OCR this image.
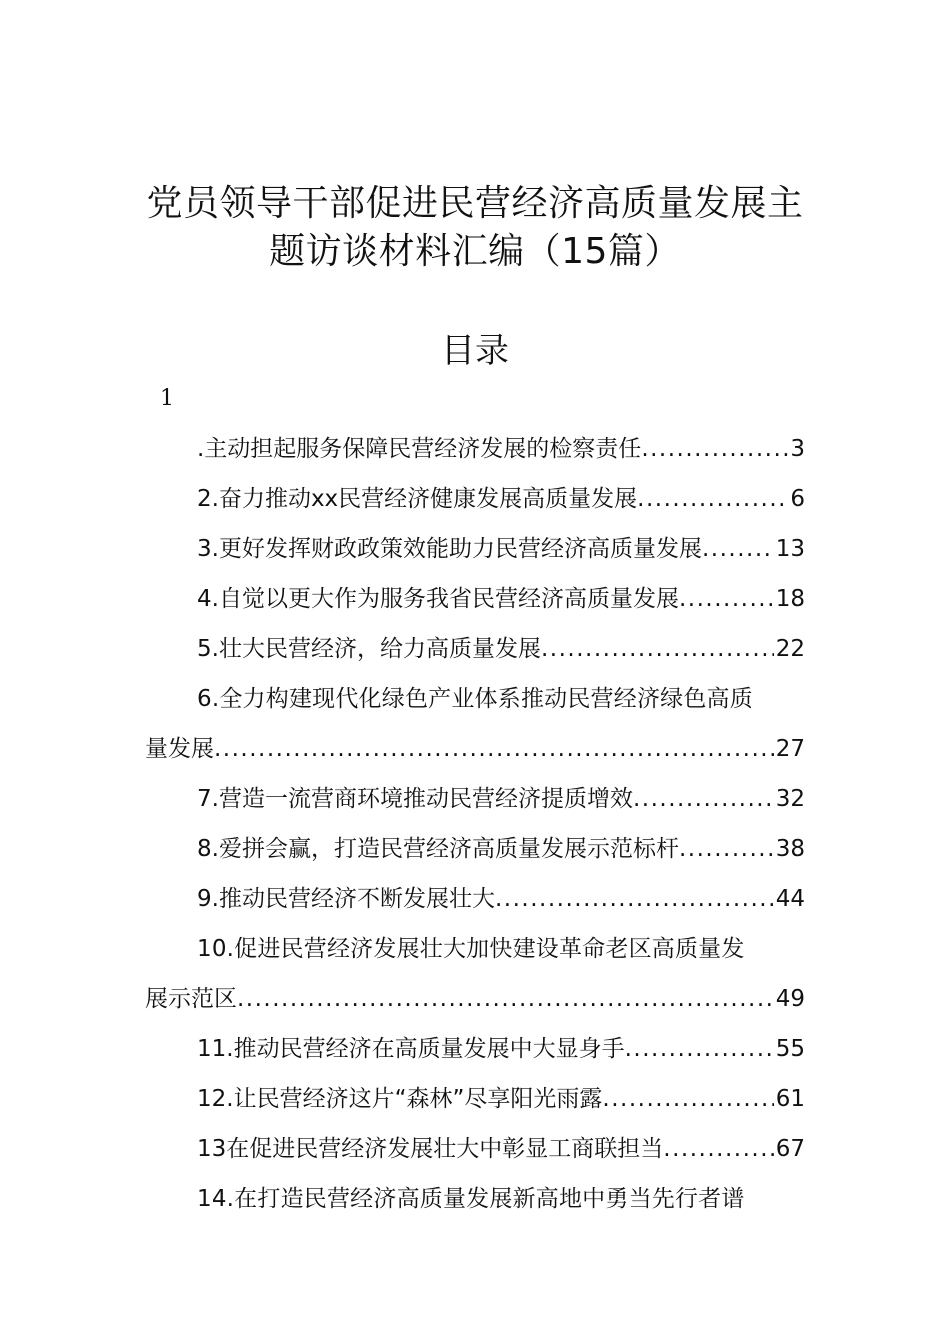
党员领导干部促进民营经济高质量发展主
题访谈材料汇编（15篇）
目录
1
.主动担起服务保障民营经济发展的检察责任 .....	3
2.奋力推动xx民营经济健康发展高质量发展 .....	6
3.更好发挥财政政策效能助力民营经济高质量发展 .....	13
4.自觉以更大作为服务我省民营经济高质量发展 .....	18
5.壮大民营经济，给力高质量发展 .....	22
6.全力构建现代化绿色产业体系推动民营经济绿色高质
量发展 .....	27
7.营造一流营商环境推动民营经济提质增效 .....	32
8.爱拼会赢，打造民营经济高质量发展示范标杆 .....	38
9.推动民营经济不断发展壮大 .....	44
10.促进民营经济发展壮大加快建设革命老区高质量发
展示范区 .....	49
11.推动民营经济在高质量发展中大显身手 .....	55
12.让民营经济这片“森林”尽享阳光雨露 .....	61
13在促进民营经济发展壮大中彰显工商联担当 .....	67
14.在打造民营经济高质量发展新高地中勇当先行者谱
